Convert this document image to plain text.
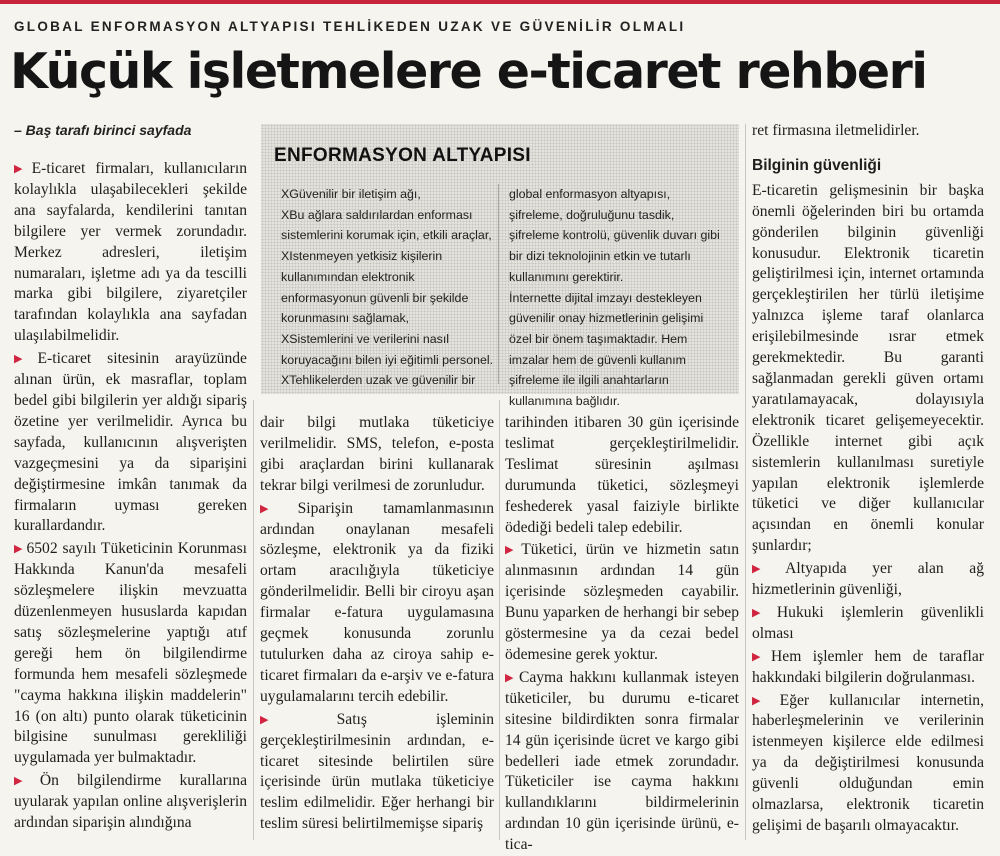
GLOBAL ENFORMASYON ALTYAPISI TEHLİKEDEN UZAK VE GÜVENİLİR OLMALI
Küçük işletmelere e-ticaret rehberi
– Baş tarafı birinci sayfada

▶ E-ticaret firmaları, kullanıcıların kolaylıkla ulaşabilecekleri şekilde ana sayfalarda, kendilerini tanıtan bilgilere yer vermek zorundadır. Merkez adresleri, iletişim numaraları, işletme adı ya da tescilli marka gibi bilgilere, ziyaretçiler tarafından kolaylıkla ana sayfadan ulaşılabilmelidir.

▶ E-ticaret sitesinin arayüzünde alınan ürün, ek masraflar, toplam bedel gibi bilgilerin yer aldığı sipariş özetine yer verilmelidir. Ayrıca bu sayfada, kullanıcının alışverişten vazgeçmesini ya da siparişini değiştirmesine imkân tanımak da firmaların uyması gereken kurallardandır.

▶ 6502 sayılı Tüketicinin Korunması Hakkında Kanun'da mesafeli sözleşmelere ilişkin mevzuatta düzenlenmeyen hususlarda kapıdan satış sözleşmelerine yaptığı atıf gereği hem ön bilgilendirme formunda hem mesafeli sözleşmede "cayma hakkına ilişkin maddelerin" 16 (on altı) punto olarak tüketicinin bilgisine sunulması gerekliliği uygulamada yer bulmaktadır.

▶ Ön bilgilendirme kurallarına uyularak yapılan online alışverişlerin ardından siparişin alındığına

ENFORMASYON ALTYAPISI

XGüvenilir bir iletişim ağı,

XBu ağlara saldırılardan enforması sistemlerini korumak için, etkili araçlar,

XIstenmeyen yetkisiz kişilerin kullanımından elektronik enformasyonun güvenli bir şekilde korunmasını sağlamak,

XSistemlerini ve verilerini nasıl koruyacağını bilen iyi eğitimli personel.

XTehlikelerden uzak ve güvenilir bir

global enformasyon altyapısı, şifreleme, doğruluğunu tasdik, şifreleme kontrolü, güvenlik duvarı gibi bir dizi teknolojinin etkin ve tutarlı kullanımını gerektirir.

İnternette dijital imzayı destekleyen güvenilir onay hizmetlerinin gelişimi özel bir önem taşımaktadır. Hem imzalar hem de güvenli kullanım şifreleme ile ilgili anahtarların kullanımına bağlıdır.

dair bilgi mutlaka tüketiciye verilmelidir. SMS, telefon, e-posta gibi araçlardan birini kullanarak tekrar bilgi verilmesi de zorunludur.

▶ Siparişin tamamlanmasının ardından onaylanan mesafeli sözleşme, elektronik ya da fiziki ortam aracılığıyla tüketiciye gönderilmelidir. Belli bir ciroyu aşan firmalar e-fatura uygulamasına geçmek konusunda zorunlu tutulurken daha az ciroya sahip e-ticaret firmaları da e-arşiv ve e-fatura uygulamalarını tercih edebilir.

▶ Satış işleminin gerçekleştirilmesinin ardından, e-ticaret sitesinde belirtilen süre içerisinde ürün mutlaka tüketiciye teslim edilmelidir. Eğer herhangi bir teslim süresi belirtilmemişse sipariş

tarihinden itibaren 30 gün içerisinde teslimat gerçekleştirilmelidir. Teslimat süresinin aşılması durumunda tüketici, sözleşmeyi feshederek yasal faiziyle birlikte ödediği bedeli talep edebilir.

▶ Tüketici, ürün ve hizmetin satın alınmasının ardından 14 gün içerisinde sözleşmeden cayabilir. Bunu yaparken de herhangi bir sebep göstermesine ya da cezai bedel ödemesine gerek yoktur.

▶ Cayma hakkını kullanmak isteyen tüketiciler, bu durumu e-ticaret sitesine bildirdikten sonra firmalar 14 gün içerisinde ücret ve kargo gibi bedelleri iade etmek zorundadır. Tüketiciler ise cayma hakkını kullandıklarını bildirmelerinin ardından 10 gün içerisinde ürünü, e-tica-

ret firmasına iletmelidirler.

Bilginin güvenliği

E-ticaretin gelişmesinin bir başka önemli öğelerinden biri bu ortamda gönderilen bilginin güvenliği konusudur. Elektronik ticaretin geliştirilmesi için, internet ortamında gerçekleştirilen her türlü iletişime yalnızca işleme taraf olanlarca erişilebilmesinde ısrar etmek gerekmektedir. Bu garanti sağlanmadan gerekli güven ortamı yaratılamayacak, dolayısıyla elektronik ticaret gelişemeyecektir. Özellikle internet gibi açık sistemlerin kullanılması suretiyle yapılan elektronik işlemlerde tüketici ve diğer kullanıcılar açısından en önemli konular şunlardır;

▶ Altyapıda yer alan ağ hizmetlerinin güvenliği,

▶ Hukuki işlemlerin güvenlikli olması

▶ Hem işlemler hem de taraflar hakkındaki bilgilerin doğrulanması.

▶ Eğer kullanıcılar internetin, haberleşmelerinin ve verilerinin istenmeyen kişilerce elde edilmesi ya da değiştirilmesi konusunda güvenli olduğundan emin olmazlarsa, elektronik ticaretin gelişimi de başarılı olmayacaktır.
